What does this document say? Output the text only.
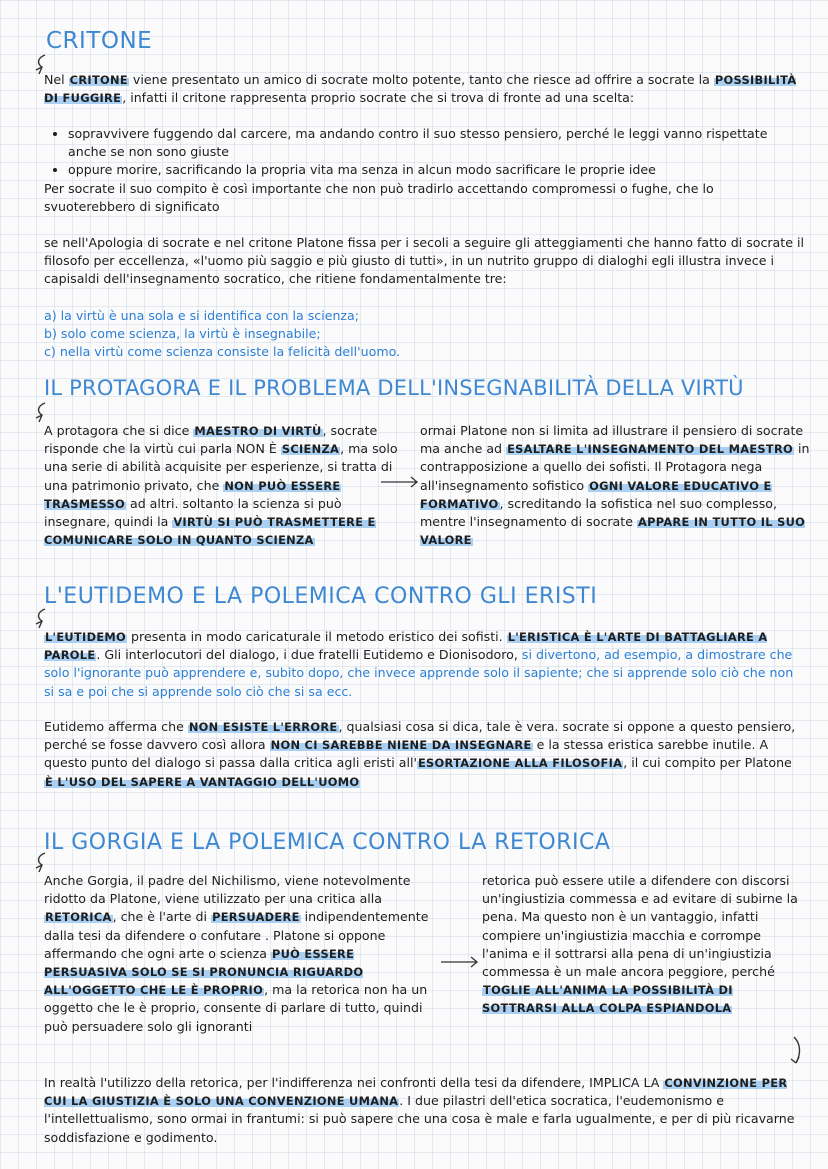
CRITONE
Nel CRITONE viene presentato un amico di socrate molto potente, tanto che riesce ad offrire a socrate la POSSIBILITÀ DI FUGGIRE, infatti il critone rappresenta proprio socrate che si trova di fronte ad una scelta:
• sopravvivere fuggendo dal carcere, ma andando contro il suo stesso pensiero, perché le leggi vanno rispettate anche se non sono giuste
• oppure morire, sacrificando la propria vita ma senza in alcun modo sacrificare le proprie idee

Per socrate il suo compito è così importante che non può tradirlo accettando compromessi o fughe, che lo svuoterebbero di significato

se nell'Apologia di socrate e nel critone Platone fissa per i secoli a seguire gli atteggiamenti che hanno fatto di socrate il filosofo per eccellenza, «l'uomo più saggio e più giusto di tutti», in un nutrito gruppo di dialoghi egli illustra invece i capisaldi dell'insegnamento socratico, che ritiene fondamentalmente tre:

a) la virtù è una sola e si identifica con la scienza;

b) solo come scienza, la virtù è insegnabile;

c) nella virtù come scienza consiste la felicità dell'uomo.

IL PROTAGORA E IL PROBLEMA DELL'INSEGNABILITÀ DELLA VIRTÙ
A protagora che si dice MAESTRO DI VIRTÙ, socrate risponde che la virtù cui parla NON È SCIENZA, ma solo una serie di abilità acquisite per esperienze, si tratta di una patrimonio privato, che NON PUÒ ESSERE TRASMESSO ad altri. soltanto la scienza si può insegnare, quindi la VIRTÙ SI PUÒ TRASMETTERE E COMUNICARE SOLO IN QUANTO SCIENZA
ormai Platone non si limita ad illustrare il pensiero di socrate ma anche ad ESALTARE L'INSEGNAMENTO DEL MAESTRO in contrapposizione a quello dei sofisti. Il Protagora nega all'insegnamento sofistico OGNI VALORE EDUCATIVO E FORMATIVO, screditando la sofistica nel suo complesso, mentre l'insegnamento di socrate APPARE IN TUTTO IL SUO VALORE
L'EUTIDEMO E LA POLEMICA CONTRO GLI ERISTI
L'EUTIDEMO presenta in modo caricaturale il metodo eristico dei sofisti. L'ERISTICA È L'ARTE DI BATTAGLIARE A PAROLE. Gli interlocutori del dialogo, i due fratelli Eutidemo e Dionisodoro, si divertono, ad esempio, a dimostrare che solo l'ignorante può apprendere e, subito dopo, che invece apprende solo il sapiente; che si apprende solo ciò che non si sa e poi che si apprende solo ciò che si sa ecc.
Eutidemo afferma che NON ESISTE L'ERRORE, qualsiasi cosa si dica, tale è vera. socrate si oppone a questo pensiero, perché se fosse davvero così allora NON CI SAREBBE NIENE DA INSEGNARE e la stessa eristica sarebbe inutile. A questo punto del dialogo si passa dalla critica agli eristi all'ESORTAZIONE ALLA FILOSOFIA, il cui compito per Platone È L'USO DEL SAPERE A VANTAGGIO DELL'UOMO
IL GORGIA E LA POLEMICA CONTRO LA RETORICA
Anche Gorgia, il padre del Nichilismo, viene notevolmente ridotto da Platone, viene utilizzato per una critica alla RETORICA, che è l'arte di PERSUADERE indipendentemente dalla tesi da difendere o confutare . Platone si oppone affermando che ogni arte o scienza PUÒ ESSERE PERSUASIVA SOLO SE SI PRONUNCIA RIGUARDO ALL'OGGETTO CHE LE È PROPRIO, ma la retorica non ha un oggetto che le è proprio, consente di parlare di tutto, quindi può persuadere solo gli ignoranti
retorica può essere utile a difendere con discorsi un'ingiustizia commessa e ad evitare di subirne la pena. Ma questo non è un vantaggio, infatti compiere un'ingiustizia macchia e corrompe l'anima e il sottrarsi alla pena di un'ingiustizia commessa è un male ancora peggiore, perché TOGLIE ALL'ANIMA LA POSSIBILITÀ DI SOTTRARSI ALLA COLPA ESPIANDOLA
In realtà l'utilizzo della retorica, per l'indifferenza nei confronti della tesi da difendere, IMPLICA LA CONVINZIONE PER CUI LA GIUSTIZIA È SOLO UNA CONVENZIONE UMANA. I due pilastri dell'etica socratica, l'eudemonismo e l'intellettualismo, sono ormai in frantumi: si può sapere che una cosa è male e farla ugualmente, e per di più ricavarne soddisfazione e godimento.
